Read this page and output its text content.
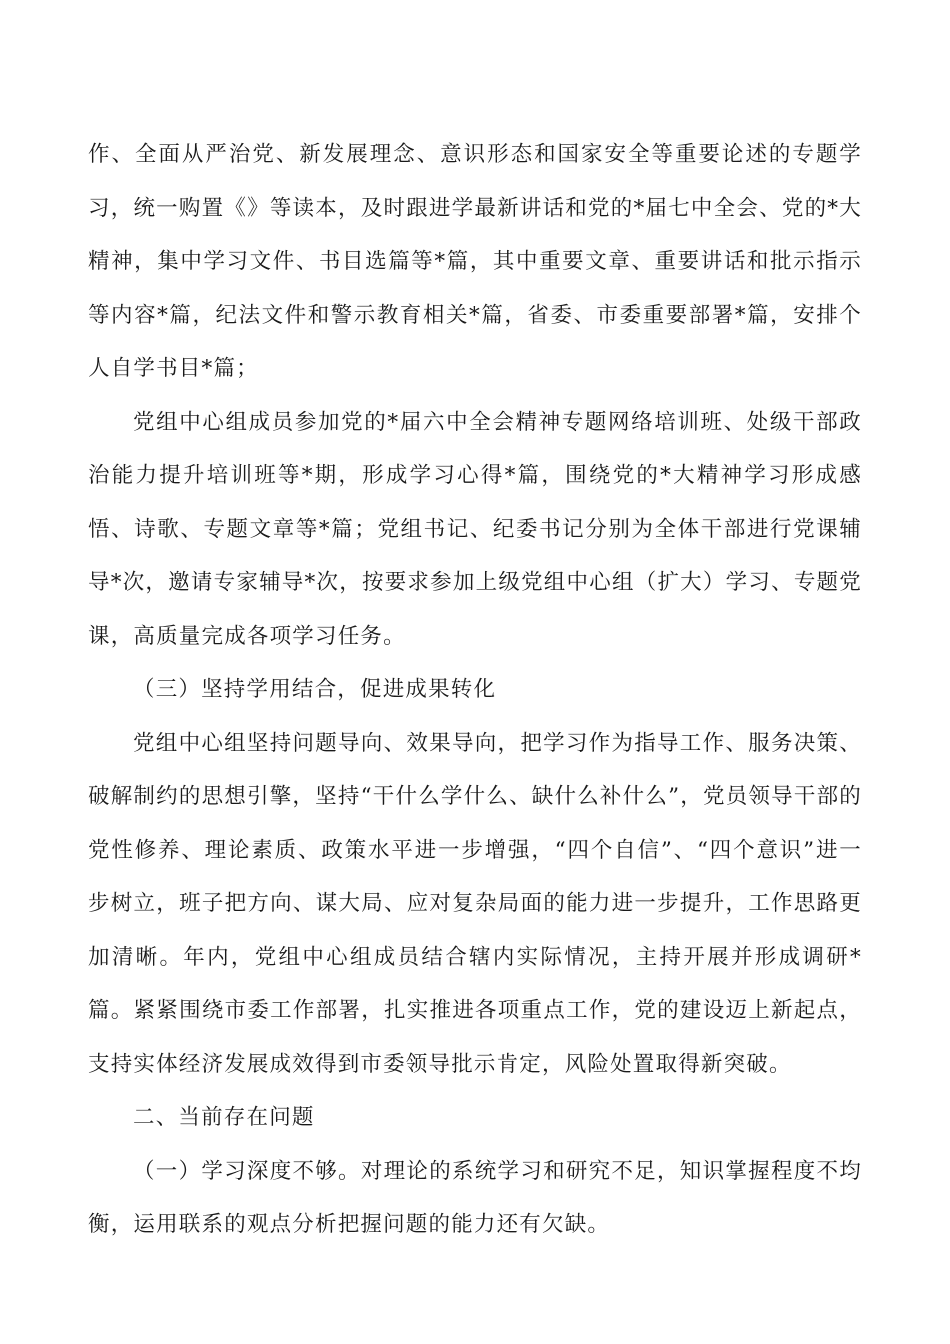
作、全面从严治党、新发展理念、意识形态和国家安全等重要论述的专题学习，统一购置《》等读本，及时跟进学最新讲话和党的*届七中全会、党的*大精神，集中学习文件、书目选篇等*篇，其中重要文章、重要讲话和批示指示等内容*篇，纪法文件和警示教育相关*篇，省委、市委重要部署*篇，安排个人自学书目*篇；

党组中心组成员参加党的*届六中全会精神专题网络培训班、处级干部政治能力提升培训班等*期，形成学习心得*篇，围绕党的*大精神学习形成感悟、诗歌、专题文章等*篇；党组书记、纪委书记分别为全体干部进行党课辅导*次，邀请专家辅导*次，按要求参加上级党组中心组（扩大）学习、专题党课，高质量完成各项学习任务。

（三）坚持学用结合，促进成果转化

党组中心组坚持问题导向、效果导向，把学习作为指导工作、服务决策、破解制约的思想引擎，坚持“干什么学什么、缺什么补什么”，党员领导干部的党性修养、理论素质、政策水平进一步增强，“四个自信”、“四个意识”进一步树立，班子把方向、谋大局、应对复杂局面的能力进一步提升，工作思路更加清晰。年内，党组中心组成员结合辖内实际情况，主持开展并形成调研*篇。紧紧围绕市委工作部署，扎实推进各项重点工作，党的建设迈上新起点，支持实体经济发展成效得到市委领导批示肯定，风险处置取得新突破。

二、当前存在问题

（一）学习深度不够。对理论的系统学习和研究不足，知识掌握程度不均衡，运用联系的观点分析把握问题的能力还有欠缺。
